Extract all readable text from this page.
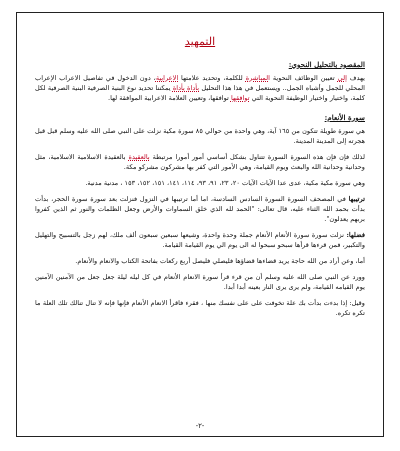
التمهيد
المقصود بالتحليل النحوي:

يهدف إلى تعيين الوظائف النحوية المباشرة للكلمة، وتحديد علامتها الاعرابية، دون الدخول في تفاصيل الاعراب الإعراب المحلي للجمل وأشباه الجمل.. ويستعمل في هذا هذا التحليل بأداة بأداة يمكننا تحديد نوع البنية الصرفية البنية الصرفية لكل كلمة، واختيار واختيار الوظيفة النحوية التي توافقها توافقها، وتعيين العلامة الاعرابية الموافقة لها.

سورة الأنعام:

هي سورة طويلة تتكون من ١٦٥ آية، وهي واحدة من حوالي ٨٥ سورة مكية نزلت على النبي صلى الله عليه وسلم قبل قبل هجرته إلى المدينة المدينة.

لذلك فإن فإن هذه السورة السورة تتناول بشكل أساسي أمور أمورا مرتبطة بالعقيدة بالعقيدة الاسلامية الاسلامية، مثل وحدانية وحدانية الله والبعث ويوم القيامة، وهي الأمور التي كفر بها مشركون مشركو مكة.

وهي سورة مكية مكية، عدى عدا الآيات الآيات ٢٠، ٢٣، ٩١، ٩٣، ١١٤، ١٤١، ١٥١، ١٥٢، ١٥٣ ، مدنية مدنية.

ترتيبها في المصحف السورة السورة السادس السادسة، اما أما ترتيبها في النزول فنزلت بعد سورة سورة الحجر، بدأت بدأت بحمد الله الثناء عليه، قال تعالى: "الحمد لله الذي خلق السماوات والأرض وجعل الظلمات والنور ثم الذين كفروا بربهم يعدلون".

فضلها: نزلت سورة سورة الأنعام الأنعام جملة وحدة واحدة، وشيعها سبعين سبعون ألف ملك، لهم زجل بالتسبيح والتهليل والتكبير، فمن قرءها قرأها سبحو سبحوا له الى يوم الي يوم القيامة القيامة.

أما، وعن أراد من الله حاجة يريد قضاءها قضاؤها فليصلي فليصل أربع ركعات بفاتحة الكتاب والانعام والأنعام.

وورد عن النبي صلى الله عليه وسلم أن من قرء قرأ سورة الانعام الأنعام في كل ليله ليلة جعل جعل من الآمنين الآمنين يوم القيامه القيامة، ولم يرى يرى النار بعينه أبدا أبدا.

وقيل: إذا بدءت بدأت بك علة تخوفت على على نفسك منها ، فقرء فاقرأ الانعام الأنعام فإنها فإنه لا تنال تنالك تلك العلة ما تكره تكره.

-٢-
